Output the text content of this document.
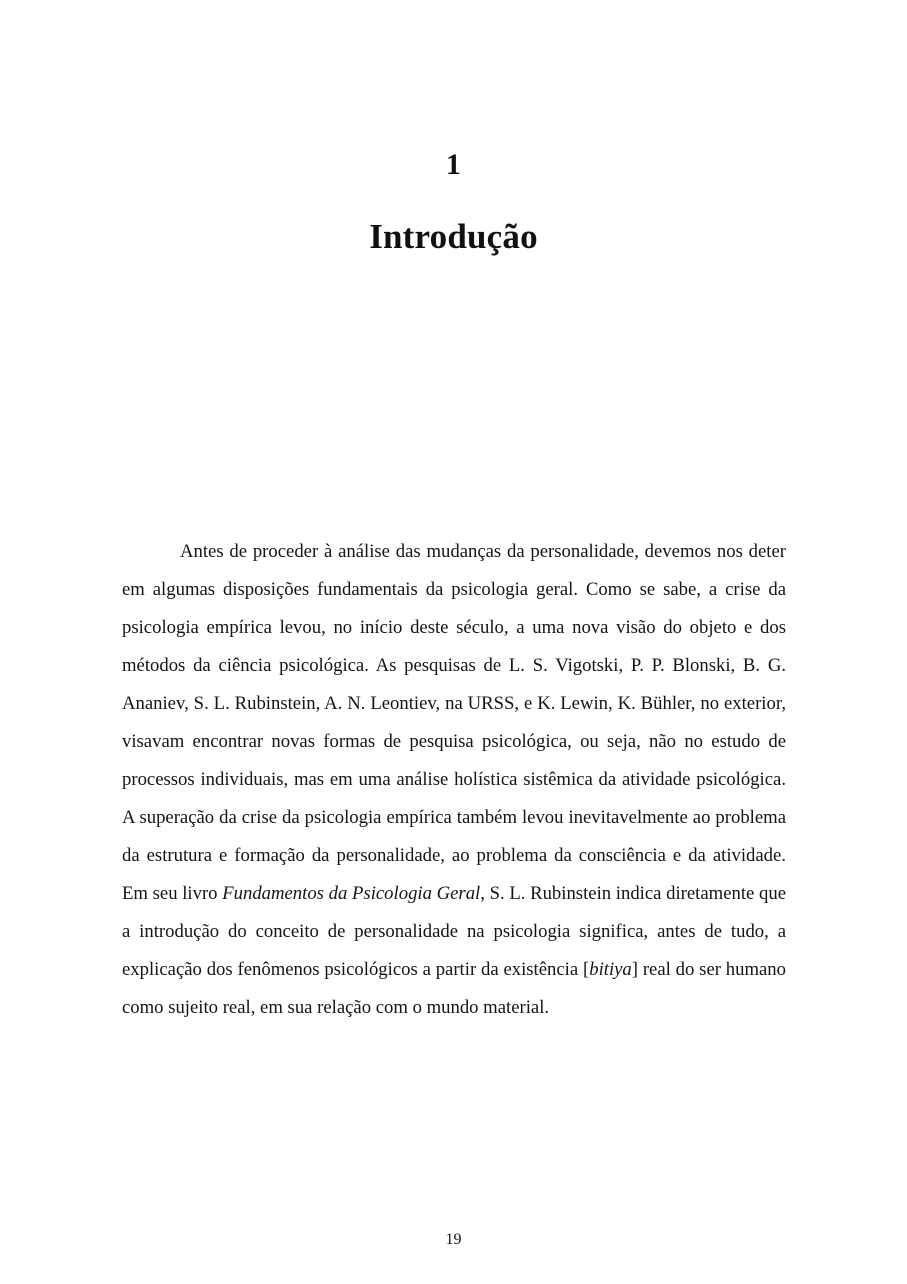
1
Introdução

Antes de proceder à análise das mudanças da personalidade, devemos nos deter em algumas disposições fundamentais da psicologia geral. Como se sabe, a crise da psicologia empírica levou, no início deste século, a uma nova visão do objeto e dos métodos da ciência psicológica. As pesquisas de L. S. Vigotski, P. P. Blonski, B. G. Ananiev, S. L. Rubinstein, A. N. Leontiev, na URSS, e K. Lewin, K. Bühler, no exterior, visavam encontrar novas formas de pesquisa psicológica, ou seja, não no estudo de processos individuais, mas em uma análise holística sistêmica da atividade psicológica. A superação da crise da psicologia empírica também levou inevitavelmente ao problema da estrutura e formação da personalidade, ao problema da consciência e da atividade. Em seu livro Fundamentos da Psicologia Geral, S. L. Rubinstein indica diretamente que a introdução do conceito de personalidade na psicologia significa, antes de tudo, a explicação dos fenômenos psicológicos a partir da existência [bitiya] real do ser humano como sujeito real, em sua relação com o mundo material.

19
